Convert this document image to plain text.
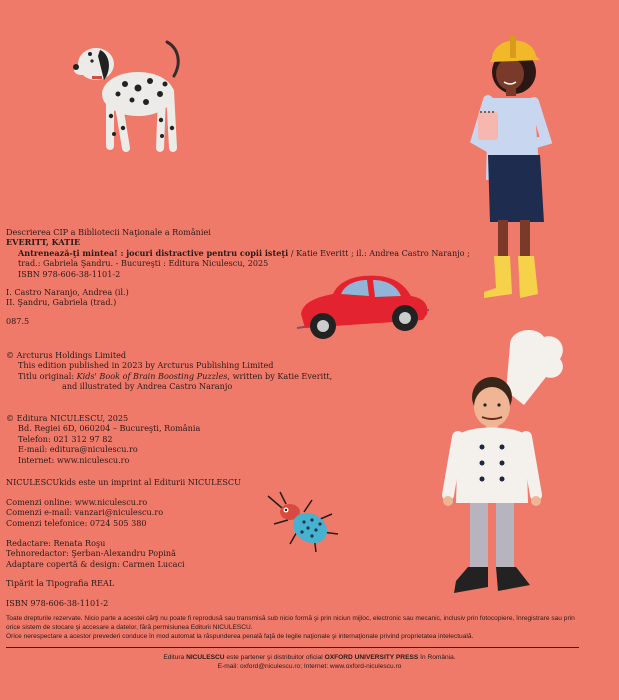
Descrierea CIP a Bibliotecii Naţionale a României
EVERITT, KATIE
Antrenează-ţi mintea! : jocuri distractive pentru copii isteţi / Katie Everitt ; il.: Andrea Castro Naranjo ;
trad.: Gabriela Şandru. - Bucureşti : Editura Niculescu, 2025
ISBN 978-606-38-1101-2
I. Castro Naranjo, Andrea (il.)
II. Şandru, Gabriela (trad.)
087.5
© Arcturus Holdings Limited
This edition published in 2023 by Arcturus Publishing Limited
Titlu original: Kids' Book of Brain Boosting Puzzles, written by Katie Everitt,
and illustrated by Andrea Castro Naranjo
© Editura NICULESCU, 2025
Bd. Regiei 6D, 060204 – Bucureşti, România
Telefon: 021 312 97 82
E-mail: editura@niculescu.ro
Internet: www.niculescu.ro
NICULESCUkids este un imprint al Editurii NICULESCU
Comenzi online: www.niculescu.ro
Comenzi e-mail: vanzari@niculescu.ro
Comenzi telefonice: 0724 505 380
Redactare: Renata Roşu
Tehnoredactor: Şerban-Alexandru Popină
Adaptare copertă & design: Carmen Lucaci
Tipărit la Tipografia REAL
ISBN 978-606-38-1101-2
Toate drepturile rezervate. Nicio parte a acestei cărţi nu poate fi reprodusă sau transmisă sub nicio formă şi prin niciun mijloc, electronic sau mecanic, inclusiv prin fotocopiere, înregistrare sau prin
orice sistem de stocare şi accesare a datelor, fără permisiunea Editurii NICULESCU.
Orice nerespectare a acestor prevederi conduce în mod automat la răspunderea penală faţă de legile naţionale şi internaţionale privind proprietatea intelectuală.
Editura NICULESCU este partener şi distribuitor oficial OXFORD UNIVERSITY PRESS în România.
E-mail: oxford@niculescu.ro; Internet: www.oxford-niculescu.ro
